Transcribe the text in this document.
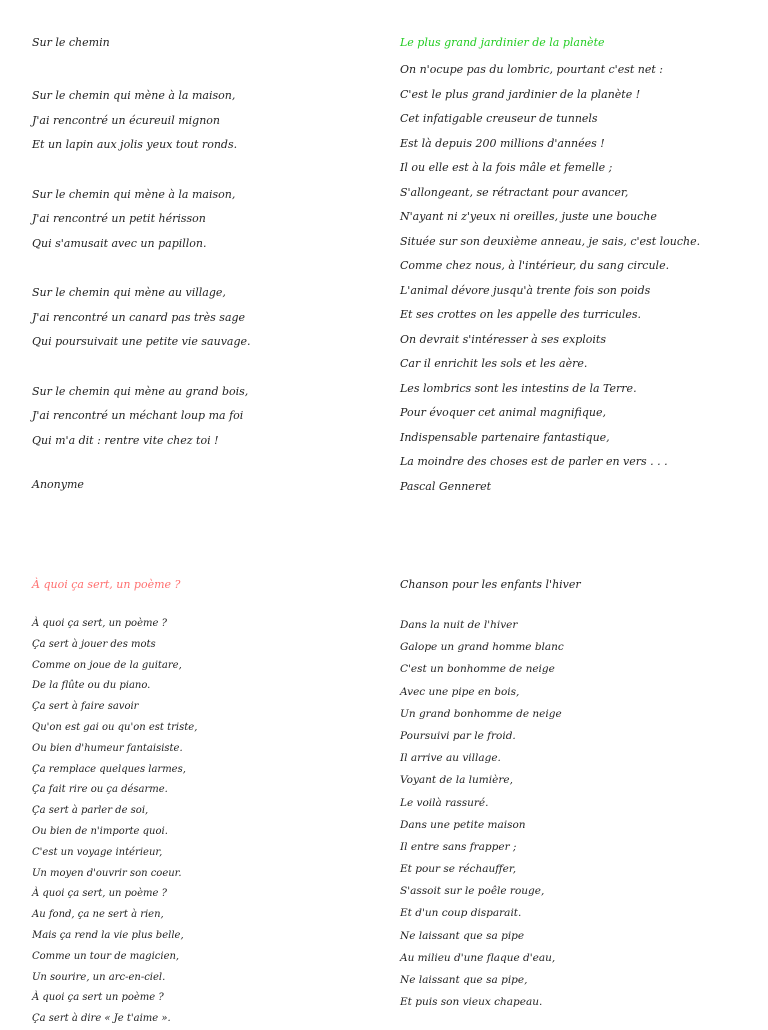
Sur le chemin
Sur le chemin qui mène à la maison,
J'ai rencontré un écureuil mignon
Et un lapin aux jolis yeux tout ronds.
Sur le chemin qui mène à la maison,
J'ai rencontré un petit hérisson
Qui s'amusait avec un papillon.
Sur le chemin qui mène au village,
J'ai rencontré un canard pas très sage
Qui poursuivait une petite vie sauvage.
Sur le chemin qui mène au grand bois,
J'ai rencontré un méchant loup ma foi
Qui m'a dit : rentre vite chez toi !
Anonyme
Le plus grand jardinier de la planète
On n'ocupe pas du lombric, pourtant c'est net :
C'est le plus grand jardinier de la planète !
Cet infatigable creuseur de tunnels
Est là depuis 200 millions d'années !
Il ou elle est à la fois mâle et femelle ;
S'allongeant, se rétractant pour avancer,
N'ayant ni z'yeux ni oreilles, juste une bouche
Située sur son deuxième anneau, je sais, c'est louche.
Comme chez nous, à l'intérieur, du sang circule.
L'animal dévore jusqu'à trente fois son poids
Et ses crottes on les appelle des turricules.
On devrait s'intéresser à ses exploits
Car il enrichit les sols et les aère.
Les lombrics sont les intestins de la Terre.
Pour évoquer cet animal magnifique,
Indispensable partenaire fantastique,
La moindre des choses est de parler en vers . . .
Pascal Genneret
À quoi ça sert, un poème ?
À quoi ça sert, un poème ?
Ça sert à jouer des mots
Comme on joue de la guitare,
De la flûte ou du piano.
Ça sert à faire savoir
Qu'on est gai ou qu'on est triste,
Ou bien d'humeur fantaisiste.
Ça remplace quelques larmes,
Ça fait rire ou ça désarme.
Ça sert à parler de soi,
Ou bien de n'importe quoi.
C'est un voyage intérieur,
Un moyen d'ouvrir son coeur.
À quoi ça sert, un poème ?
Au fond, ça ne sert à rien,
Mais ça rend la vie plus belle,
Comme un tour de magicien,
Un sourire, un arc-en-ciel.
À quoi ça sert un poème ?
Ça sert à dire « Je t'aime ».
Chanson pour les enfants l'hiver
Dans la nuit de l'hiver
Galope un grand homme blanc
C'est un bonhomme de neige
Avec une pipe en bois,
Un grand bonhomme de neige
Poursuivi par le froid.
Il arrive au village.
Voyant de la lumière,
Le voilà rassuré.
Dans une petite maison
Il entre sans frapper ;
Et pour se réchauffer,
S'assoit sur le poêle rouge,
Et d'un coup disparait.
Ne laissant que sa pipe
Au milieu d'une flaque d'eau,
Ne laissant que sa pipe,
Et puis son vieux chapeau.
